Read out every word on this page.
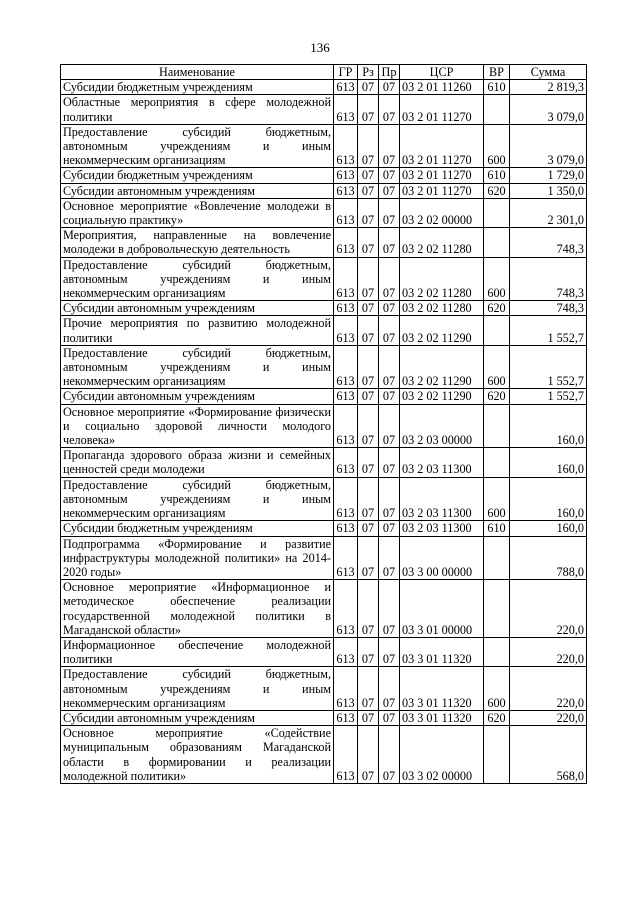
136
Наименование	ГР	Рз	Пр	ЦСР	ВР	Сумма
Субсидии бюджетным учреждениям	613	07	07	03 2 01 11260	610	2 819,3
Областные мероприятия в сфере молодежной политики	613	07	07	03 2 01 11270		3 079,0
Предоставление субсидий бюджетным, автономным учреждениям и иным некоммерческим организациям	613	07	07	03 2 01 11270	600	3 079,0
Субсидии бюджетным учреждениям	613	07	07	03 2 01 11270	610	1 729,0
Субсидии автономным учреждениям	613	07	07	03 2 01 11270	620	1 350,0
Основное мероприятие «Вовлечение молодежи в социальную практику»	613	07	07	03 2 02 00000		2 301,0
Мероприятия, направленные на вовлечение молодежи в добровольческую деятельность	613	07	07	03 2 02 11280		748,3
Предоставление субсидий бюджетным, автономным учреждениям и иным некоммерческим организациям	613	07	07	03 2 02 11280	600	748,3
Субсидии автономным учреждениям	613	07	07	03 2 02 11280	620	748,3
Прочие мероприятия по развитию молодежной политики	613	07	07	03 2 02 11290		1 552,7
Предоставление субсидий бюджетным, автономным учреждениям и иным некоммерческим организациям	613	07	07	03 2 02 11290	600	1 552,7
Субсидии автономным учреждениям	613	07	07	03 2 02 11290	620	1 552,7
Основное мероприятие «Формирование физически и социально здоровой личности молодого человека»	613	07	07	03 2 03 00000		160,0
Пропаганда здорового образа жизни и семейных ценностей среди молодежи	613	07	07	03 2 03 11300		160,0
Предоставление субсидий бюджетным, автономным учреждениям и иным некоммерческим организациям	613	07	07	03 2 03 11300	600	160,0
Субсидии бюджетным учреждениям	613	07	07	03 2 03 11300	610	160,0
Подпрограмма «Формирование и развитие инфраструктуры молодежной политики» на 2014-2020 годы»	613	07	07	03 3 00 00000		788,0
Основное мероприятие «Информационное и методическое обеспечение реализации государственной молодежной политики в Магаданской области»	613	07	07	03 3 01 00000		220,0
Информационное обеспечение молодежной политики	613	07	07	03 3 01 11320		220,0
Предоставление субсидий бюджетным, автономным учреждениям и иным некоммерческим организациям	613	07	07	03 3 01 11320	600	220,0
Субсидии автономным учреждениям	613	07	07	03 3 01 11320	620	220,0
Основное мероприятие «Содействие муниципальным образованиям Магаданской области в формировании и реализации молодежной политики»	613	07	07	03 3 02 00000		568,0
